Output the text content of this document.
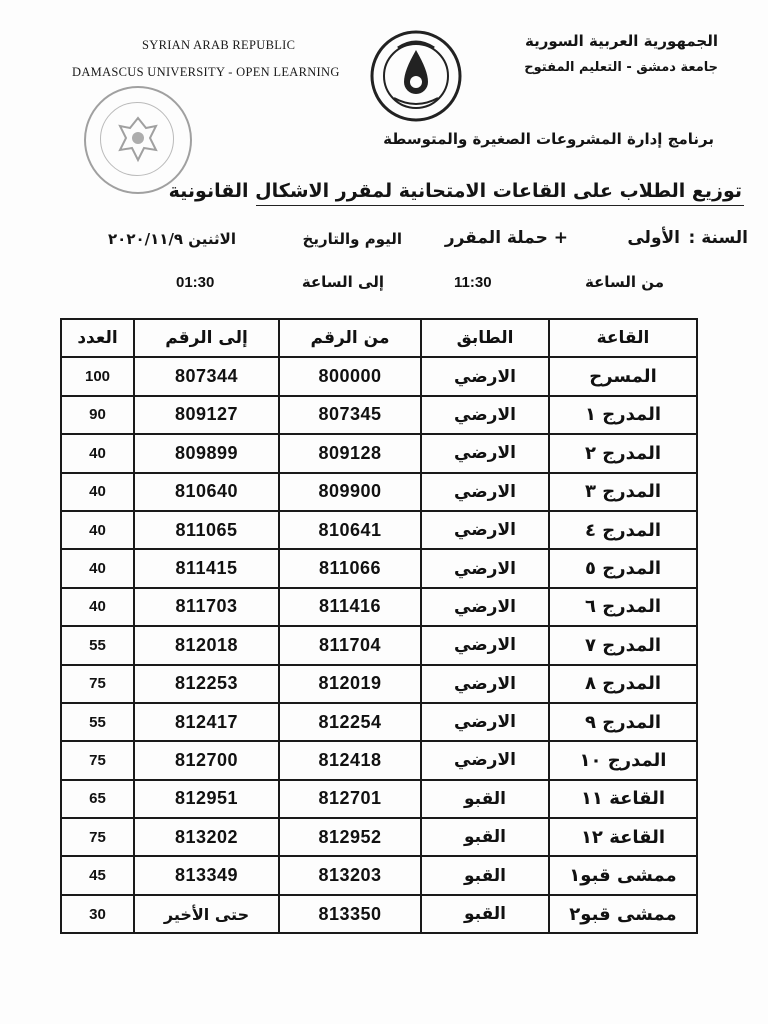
SYRIAN ARAB REPUBLIC
DAMASCUS UNIVERSITY - OPEN LEARNING
الجمهورية العربية السورية
جامعة دمشق - التعليم المفتوح
برنامج إدارة المشروعات الصغيرة والمتوسطة
توزيع الطلاب على القاعات الامتحانية لمقرر الاشكال القانونية
السنة :
الأولى
+ حملة المقرر
اليوم والتاريخ
الاثنين ٢٠٢٠/١١/٩
من الساعة
11:30
إلى الساعة
01:30
القاعة	الطابق	من الرقم	إلى الرقم	العدد
المسرح	الارضي	800000	807344	100
المدرج ١	الارضي	807345	809127	90
المدرج ٢	الارضي	809128	809899	40
المدرج ٣	الارضي	809900	810640	40
المدرج ٤	الارضي	810641	811065	40
المدرج ٥	الارضي	811066	811415	40
المدرج ٦	الارضي	811416	811703	40
المدرج ٧	الارضي	811704	812018	55
المدرج ٨	الارضي	812019	812253	75
المدرج ٩	الارضي	812254	812417	55
المدرج ١٠	الارضي	812418	812700	75
القاعة ١١	القبو	812701	812951	65
القاعة ١٢	القبو	812952	813202	75
ممشى قبو١	القبو	813203	813349	45
ممشى قبو٢	القبو	813350	حتى الأخير	30
